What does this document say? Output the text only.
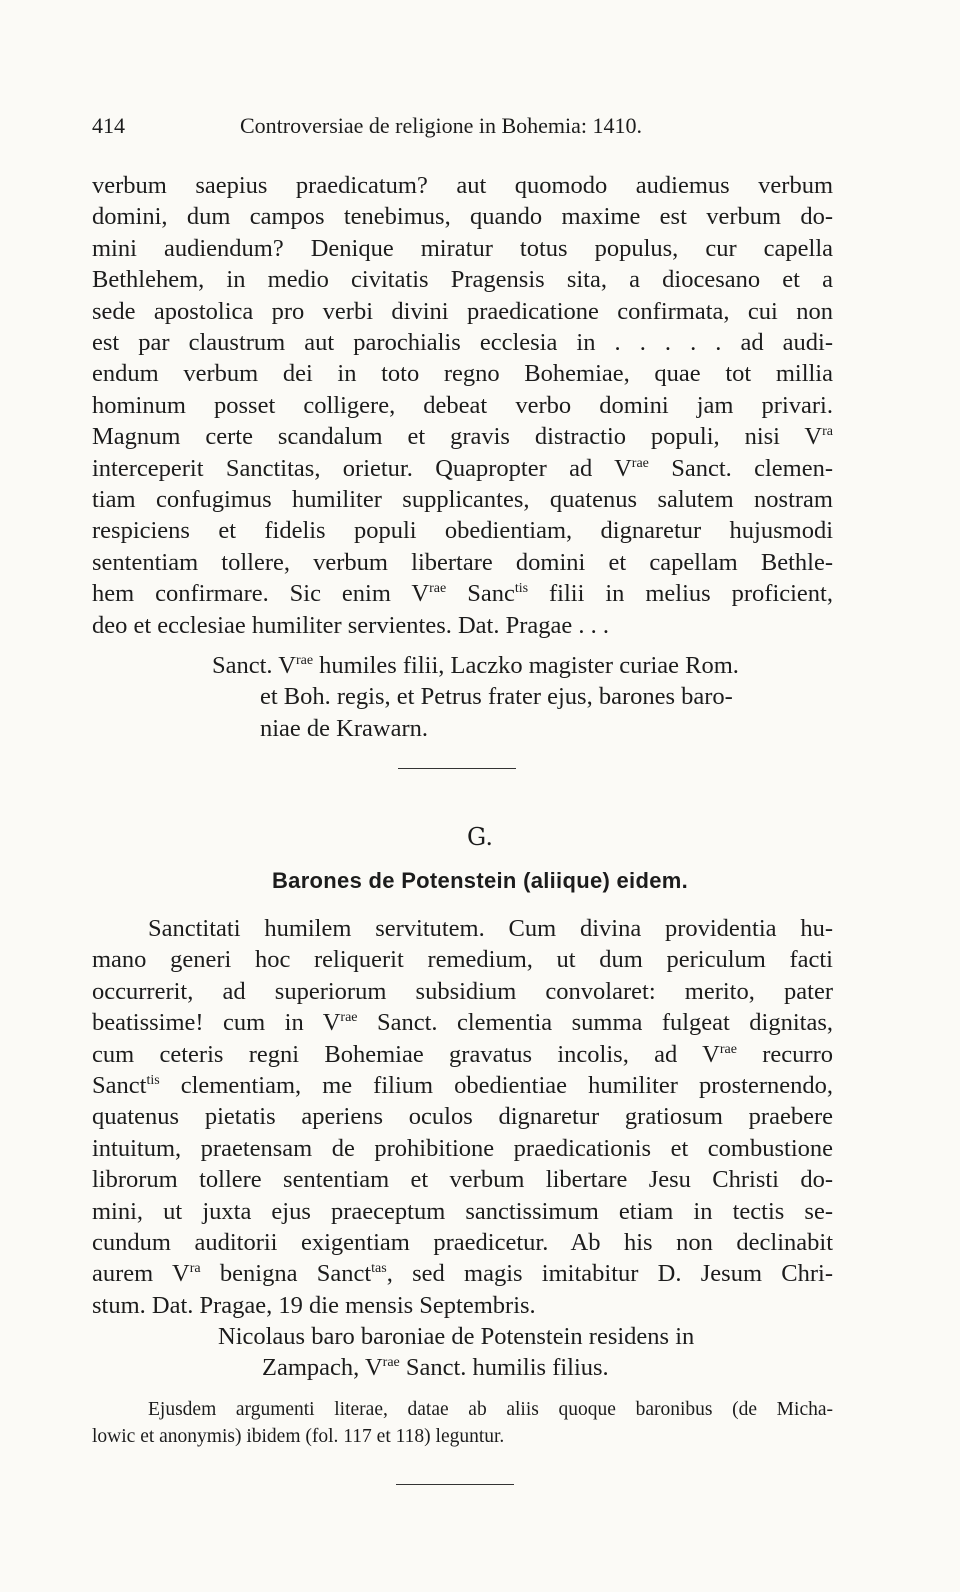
414	Controversiae de religione in Bohemia: 1410.
verbum saepius praedicatum? aut quomodo audiemus verbum
domini, dum campos tenebimus, quando maxime est verbum do-
mini audiendum? Denique miratur totus populus, cur capella
Bethlehem, in medio civitatis Pragensis sita, a diocesano et a
sede apostolica pro verbi divini praedicatione confirmata, cui non
est par claustrum aut parochialis ecclesia in . . . . . ad audi-
endum verbum dei in toto regno Bohemiae, quae tot millia
hominum posset colligere, debeat verbo domini jam privari.
Magnum certe scandalum et gravis distractio populi, nisi $V^{ra}$
interceperit Sanctitas, orietur. Quapropter ad $V^{rae}$ Sanct. clemen-
tiam confugimus humiliter supplicantes, quatenus salutem nostram
respiciens et fidelis populi obedientiam, dignaretur hujusmodi
sententiam tollere, verbum libertare domini et capellam Bethle-
hem confirmare. Sic enim $V^{rae}$ Sanc$^{tis}$ filii in melius proficient,
deo et ecclesiae humiliter servientes. Dat. Pragae . . .
Sanct. $V^{rae}$ humiles filii, Laczko magister curiae Rom.
et Boh. regis, et Petrus frater ejus, barones baro-
niae de Krawarn.
G.
Barones de Potenstein (aliique) eidem.
Sanctitati humilem servitutem. Cum divina providentia hu-
mano generi hoc reliquerit remedium, ut dum periculum facti
occurrerit, ad superiorum subsidium convolaret: merito, pater
beatissime! cum in $V^{rae}$ Sanct. clementia summa fulgeat dignitas,
cum ceteris regni Bohemiae gravatus incolis, ad $V^{rae}$ recurro
Sanct$^{tis}$ clementiam, me filium obedientiae humiliter prosternendo,
quatenus pietatis aperiens oculos dignaretur gratiosum praebere
intuitum, praetensam de prohibitione praedicationis et combustione
librorum tollere sententiam et verbum libertare Jesu Christi do-
mini, ut juxta ejus praeceptum sanctissimum etiam in tectis se-
cundum auditorii exigentiam praedicetur. Ab his non declinabit
aurem $V^{ra}$ benigna Sanct$^{tas}$, sed magis imitabitur D. Jesum Chri-
stum. Dat. Pragae, 19 die mensis Septembris.
Nicolaus baro baroniae de Potenstein residens in
Zampach, $V^{rae}$ Sanct. humilis filius.
Ejusdem argumenti literae, datae ab aliis quoque baronibus (de Micha-
lowic et anonymis) ibidem (fol. 117 et 118) leguntur.
